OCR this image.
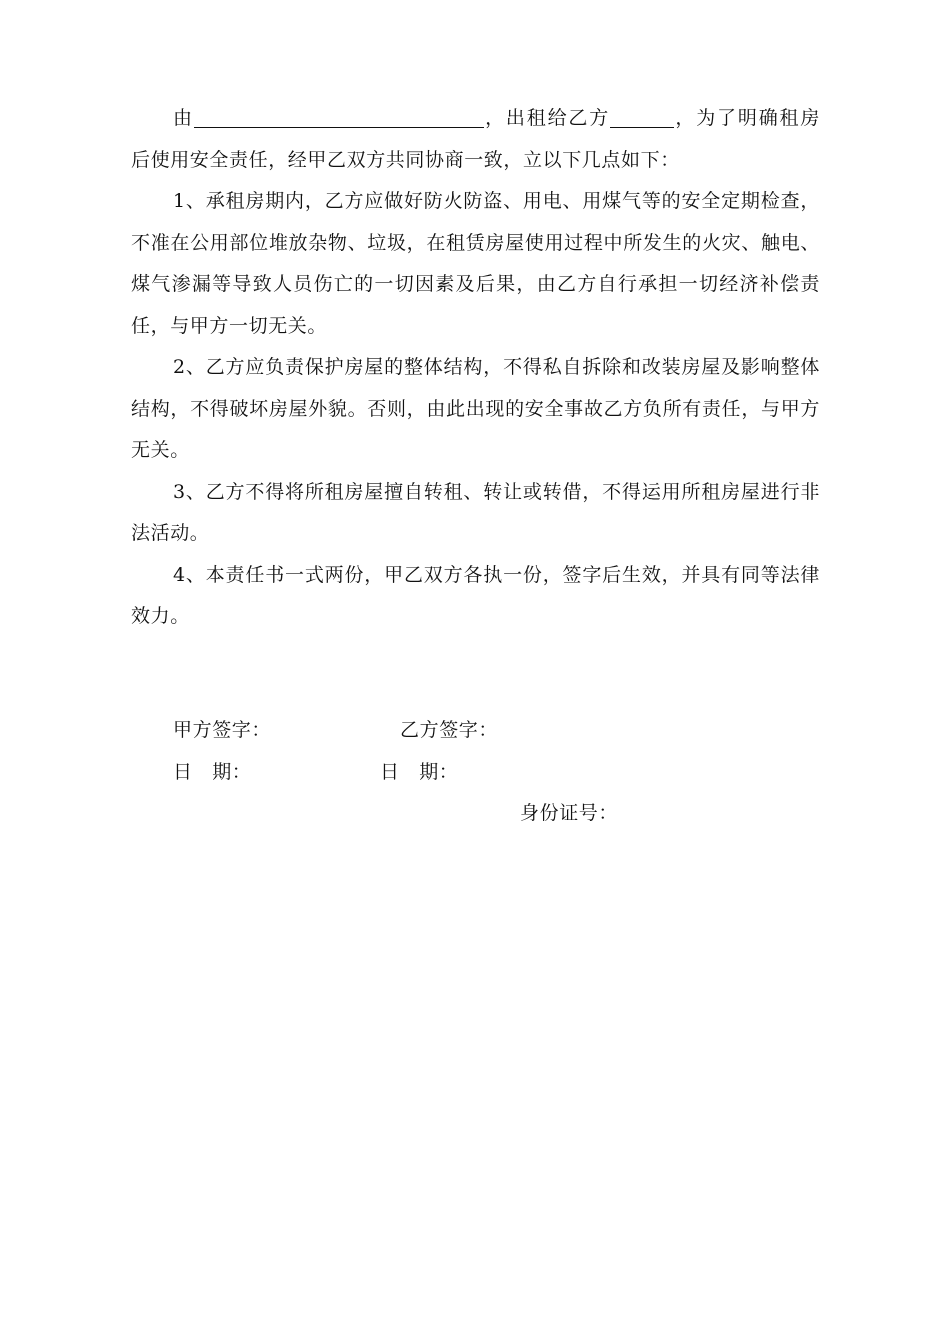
由	，出租给乙方	，为了明确租房后使用安全责任，经甲乙双方共同协商一致，立以下几点如下：

1、承租房期内，乙方应做好防火防盗、用电、用煤气等的安全定期检查，不准在公用部位堆放杂物、垃圾，在租赁房屋使用过程中所发生的火灾、触电、煤气渗漏等导致人员伤亡的一切因素及后果，由乙方自行承担一切经济补偿责任，与甲方一切无关。

2、乙方应负责保护房屋的整体结构，不得私自拆除和改装房屋及影响整体结构，不得破坏房屋外貌。否则，由此出现的安全事故乙方负所有责任，与甲方无关。

3、乙方不得将所租房屋擅自转租、转让或转借，不得运用所租房屋进行非法活动。

4、本责任书一式两份，甲乙双方各执一份，签字后生效，并具有同等法律效力。

甲方签字：	乙方签字：
日　期：	日　期：
身份证号：
